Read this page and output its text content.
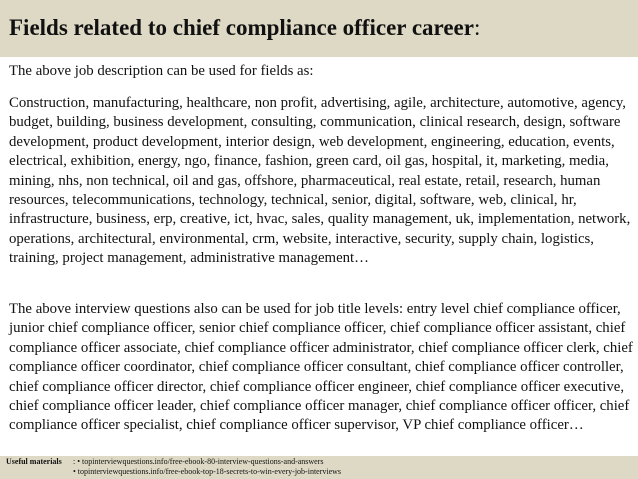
Fields related to chief compliance officer career:
The above job description can be used for fields as:
Construction, manufacturing, healthcare, non profit, advertising, agile, architecture, automotive, agency, budget, building, business development, consulting, communication, clinical research, design, software development, product development, interior design, web development, engineering, education, events, electrical, exhibition, energy, ngo, finance, fashion, green card, oil gas, hospital, it, marketing, media, mining, nhs, non technical, oil and gas, offshore, pharmaceutical, real estate, retail, research, human resources, telecommunications, technology, technical, senior, digital, software, web, clinical, hr, infrastructure, business, erp, creative, ict, hvac, sales, quality management, uk, implementation, network, operations, architectural, environmental, crm, website, interactive, security, supply chain, logistics, training, project management, administrative management…
The above interview questions also can be used for job title levels: entry level chief compliance officer, junior chief compliance officer, senior chief compliance officer, chief compliance officer assistant, chief compliance officer associate, chief compliance officer administrator, chief compliance officer clerk, chief compliance officer coordinator, chief compliance officer consultant, chief compliance officer controller, chief compliance officer director, chief compliance officer engineer, chief compliance officer executive, chief compliance officer leader, chief compliance officer manager, chief compliance officer officer, chief compliance officer specialist, chief compliance officer supervisor, VP chief compliance officer…
Useful materials : • topinterviewquestions.info/free-ebook-80-interview-questions-and-answers
• topinterviewquestions.info/free-ebook-top-18-secrets-to-win-every-job-interviews
